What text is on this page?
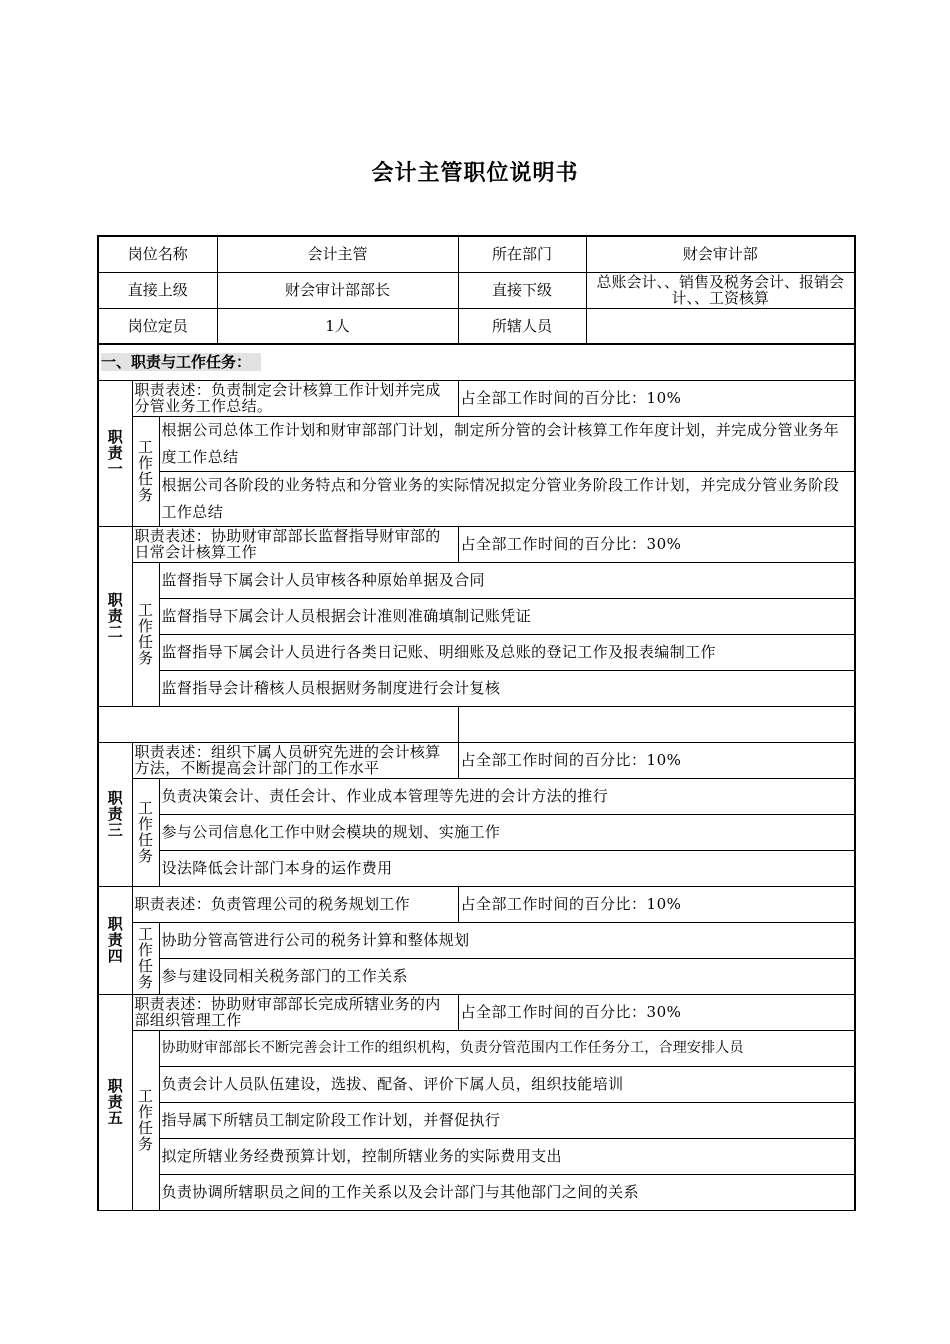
会计主管职位说明书
岗位名称			会计主管	所在部门	财会审计部
直接上级			财会审计部部长	直接下级	总账会计、、销售及税务会计、报销会计、、工资核算
岗位定员			1人	所辖人员	
一、职责与工作任务：					
职责一	职责表述：负责制定会计核算工作计划并完成分管业务工作总结。			占全部工作时间的百分比：10%	
	工作任务	根据公司总体工作计划和财审部部门计划，制定所分管的会计核算工作年度计划，并完成分管业务年度工作总结			
		根据公司各阶段的业务特点和分管业务的实际情况拟定分管业务阶段工作计划，并完成分管业务阶段工作总结			
职责二	职责表述：协助财审部部长监督指导财审部的日常会计核算工作			占全部工作时间的百分比：30%	
	工作任务	监督指导下属会计人员审核各种原始单据及合同			
		监督指导下属会计人员根据会计准则准确填制记账凭证			
		监督指导下属会计人员进行各类日记账、明细账及总账的登记工作及报表编制工作			
		监督指导会计稽核人员根据财务制度进行会计复核			

职责三	职责表述：组织下属人员研究先进的会计核算方法，不断提高会计部门的工作水平			占全部工作时间的百分比：10%	
	工作任务	负责决策会计、责任会计、作业成本管理等先进的会计方法的推行			
		参与公司信息化工作中财会模块的规划、实施工作			
		设法降低会计部门本身的运作费用			
职责四	职责表述：负责管理公司的税务规划工作			占全部工作时间的百分比：10%	
	工作任务	协助分管高管进行公司的税务计算和整体规划			
		参与建设同相关税务部门的工作关系			
职责五	职责表述：协助财审部部长完成所辖业务的内部组织管理工作			占全部工作时间的百分比：30%	
	工作任务	协助财审部部长不断完善会计工作的组织机构，负责分管范围内工作任务分工，合理安排人员			
		负责会计人员队伍建设，选拔、配备、评价下属人员，组织技能培训			
		指导属下所辖员工制定阶段工作计划，并督促执行			
		拟定所辖业务经费预算计划，控制所辖业务的实际费用支出			
		负责协调所辖职员之间的工作关系以及会计部门与其他部门之间的关系			
